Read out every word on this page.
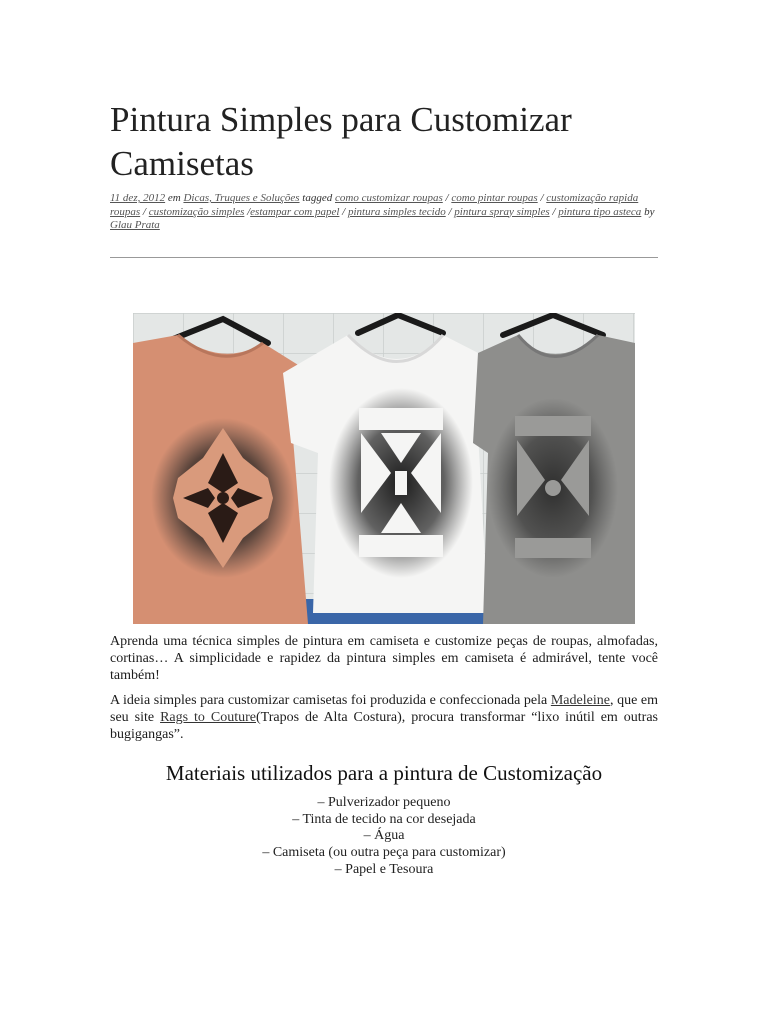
Pintura Simples para Customizar Camisetas
11 dez, 2012 em Dicas, Truques e Soluções tagged como customizar roupas / como pintar roupas / customização rapida roupas / customização simples /estampar com papel / pintura simples tecido / pintura spray simples / pintura tipo asteca by Glau Prata

Aprenda uma técnica simples de pintura em camiseta e customize peças de roupas, almofadas, cortinas… A simplicidade e rapidez da pintura simples em camiseta é admirável, tente você também!

A ideia simples para customizar camisetas foi produzida e confeccionada pela Madeleine, que em seu site Rags to Couture(Trapos de Alta Costura), procura transformar “lixo inútil em outras bugigangas”.

Materiais utilizados para a pintura de Customização
– Pulverizador pequeno
– Tinta de tecido na cor desejada
– Água
– Camiseta (ou outra peça para customizar)
– Papel e Tesoura
